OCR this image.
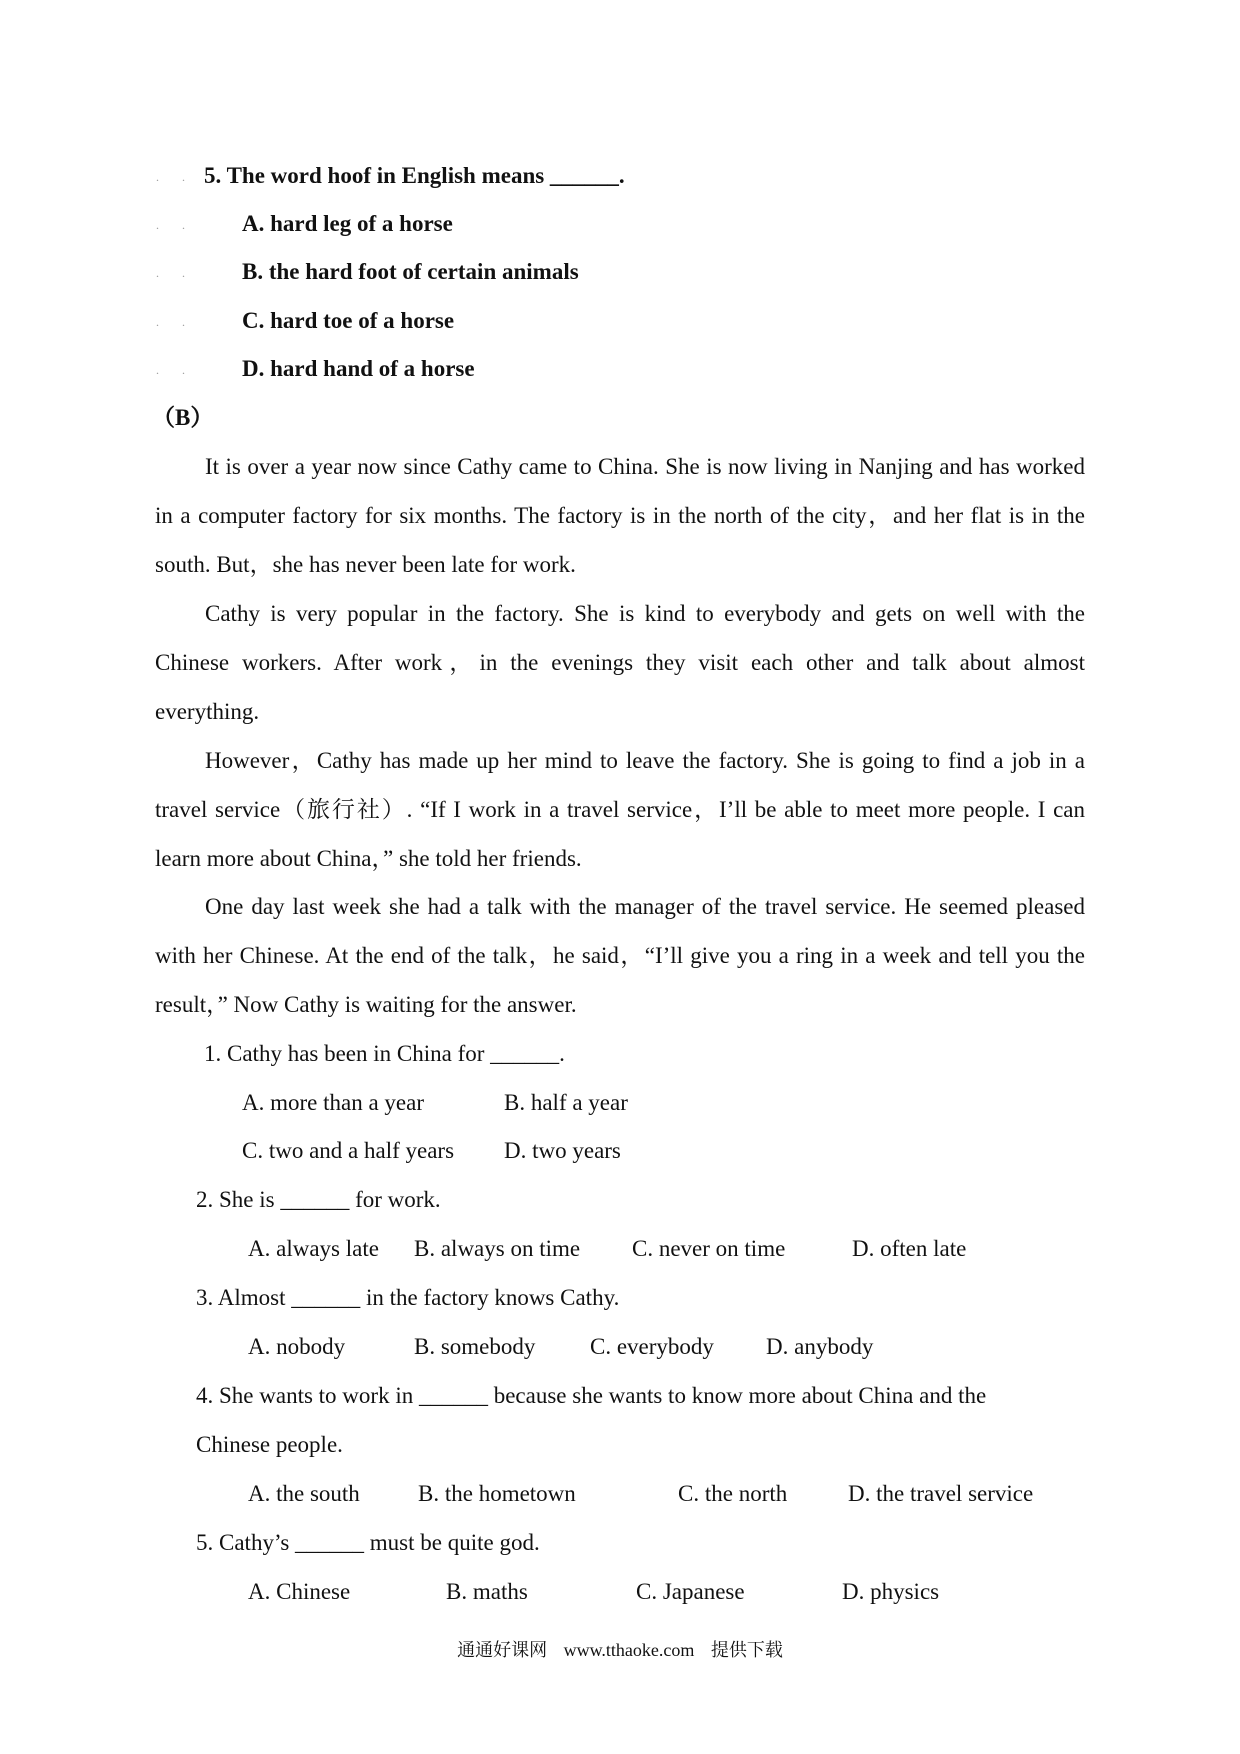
. . 5. The word hoof in English means ______.
. . A. hard leg of a horse
. . B. the hard foot of certain animals
. . C. hard toe of a horse
. . D. hard hand of a horse
（B）

It is over a year now since Cathy came to China. She is now living in Nanjing and has worked in a computer factory for six months. The factory is in the north of the city，and her flat is in the south. But，she has never been late for work.

Cathy is very popular in the factory. She is kind to everybody and gets on well with the Chinese workers. After work，in the evenings they visit each other and talk about almost everything.

However，Cathy has made up her mind to leave the factory. She is going to find a job in a travel service（旅行社）. “If I work in a travel service，I’ll be able to meet more people. I can learn more about China，” she told her friends.

One day last week she had a talk with the manager of the travel service. He seemed pleased with her Chinese. At the end of the talk，he said，“I’ll give you a ring in a week and tell you the result，” Now Cathy is waiting for the answer.

1. Cathy has been in China for ______.
A. more than a year	B. half a year
C. two and a half years D. two years
2. She is ______ for work.
A. always late B. always on time C. never on time	D. often late
3. Almost ______ in the factory knows Cathy.
A. nobody	B. somebody C. everybody D. anybody
4. She wants to work in ______ because she wants to know more about China and the
Chinese people.
A. the south	B. the hometown	C. the north	D. the travel service
5. Cathy’s ______ must be quite god.
A. Chinese	B. maths	C. Japanese	D. physics
通通好课网 www.tthaoke.com 提供下载
